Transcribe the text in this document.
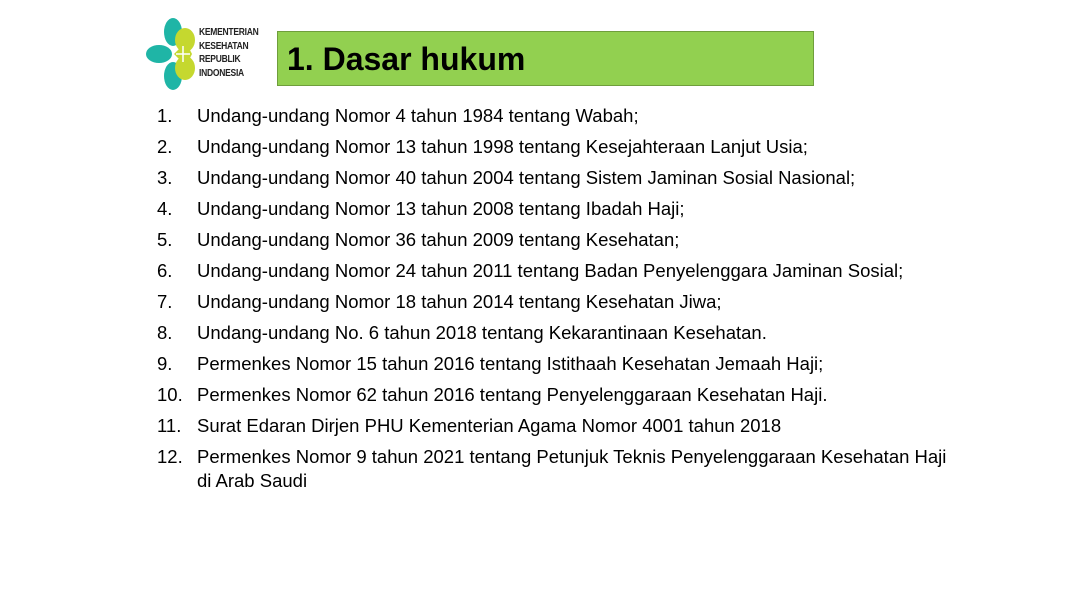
KEMENTERIAN
KESEHATAN
REPUBLIK
INDONESIA	1. Dasar hukum
1. Undang-undang Nomor 4 tahun 1984 tentang Wabah;
2. Undang-undang Nomor 13 tahun 1998 tentang Kesejahteraan Lanjut Usia;
3. Undang-undang Nomor 40 tahun 2004 tentang Sistem Jaminan Sosial Nasional;
4. Undang-undang Nomor 13 tahun 2008 tentang Ibadah Haji;
5. Undang-undang Nomor 36 tahun 2009 tentang Kesehatan;
6. Undang-undang Nomor 24 tahun 2011 tentang Badan Penyelenggara Jaminan Sosial;
7. Undang-undang Nomor 18 tahun 2014 tentang Kesehatan Jiwa;
8. Undang-undang No. 6 tahun 2018 tentang Kekarantinaan Kesehatan.
9. Permenkes Nomor 15 tahun 2016 tentang Istithaah Kesehatan Jemaah Haji;
10. Permenkes Nomor 62 tahun 2016 tentang Penyelenggaraan Kesehatan Haji.
11. Surat Edaran Dirjen PHU Kementerian Agama Nomor 4001 tahun 2018
12. Permenkes Nomor 9 tahun 2021 tentang Petunjuk Teknis Penyelenggaraan Kesehatan Haji di Arab Saudi
